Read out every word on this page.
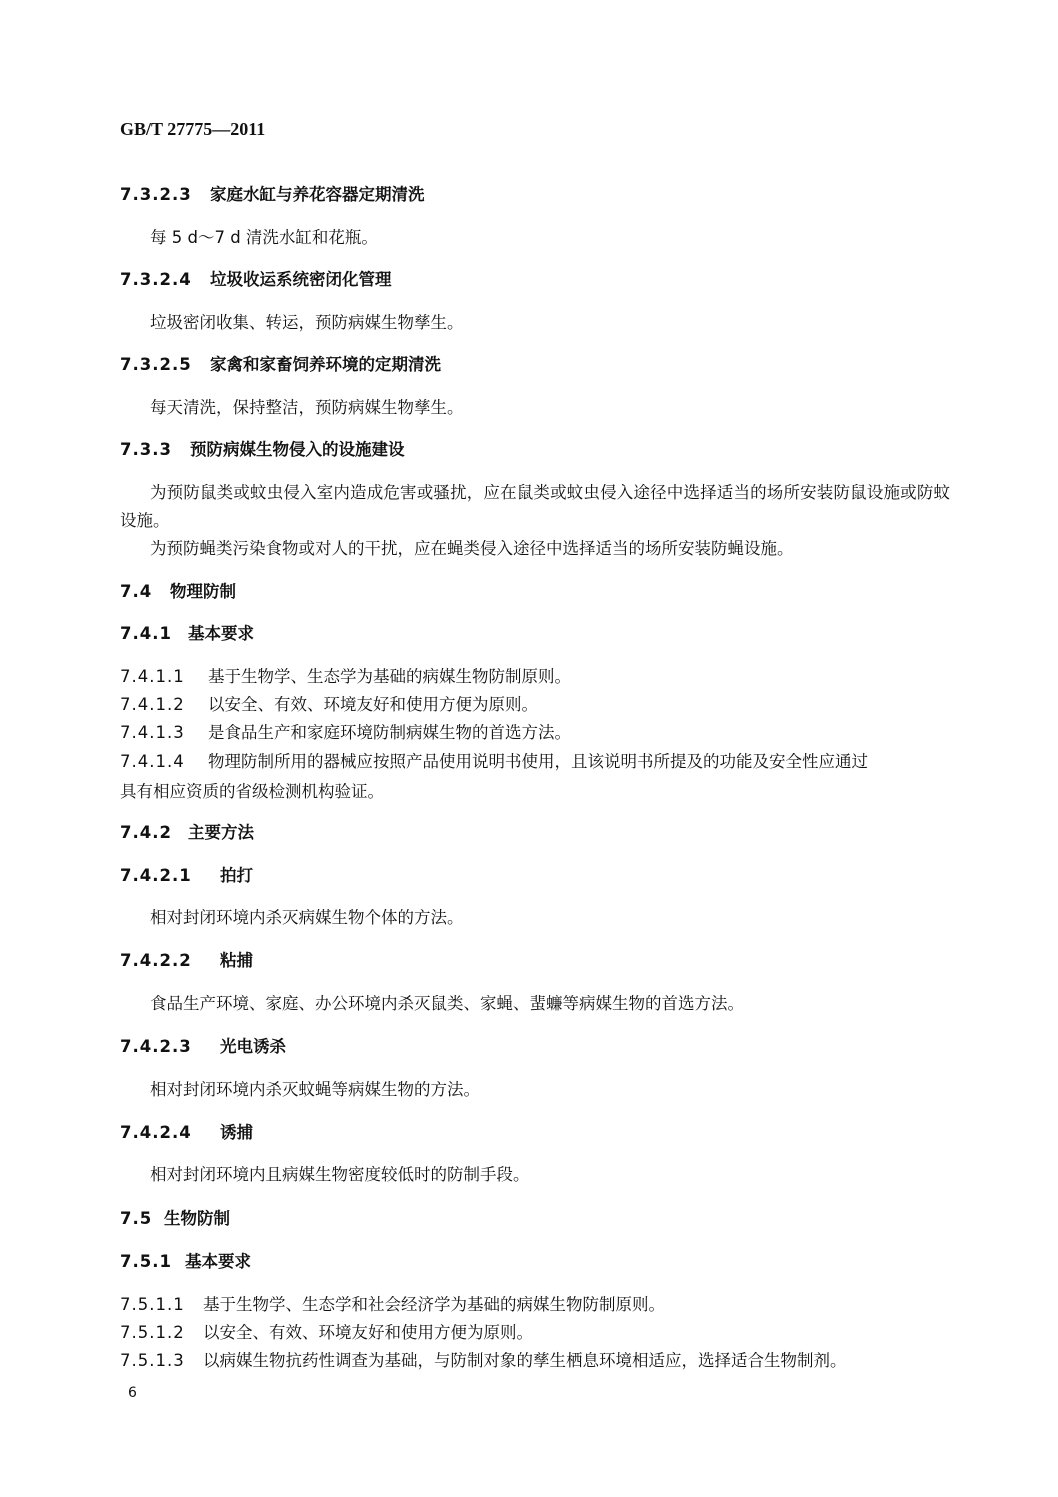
GB/T 27775—2011
7.3.2.3 家庭水缸与养花容器定期清洗
每 5 d～7 d 清洗水缸和花瓶。
7.3.2.4 垃圾收运系统密闭化管理
垃圾密闭收集、转运，预防病媒生物孳生。
7.3.2.5 家禽和家畜饲养环境的定期清洗
每天清洗，保持整洁，预防病媒生物孳生。
7.3.3 预防病媒生物侵入的设施建设
为预防鼠类或蚊虫侵入室内造成危害或骚扰，应在鼠类或蚊虫侵入途径中选择适当的场所安装防鼠设施或防蚊设施。
为预防蝇类污染食物或对人的干扰，应在蝇类侵入途径中选择适当的场所安装防蝇设施。
7.4 物理防制
7.4.1 基本要求
7.4.1.1 基于生物学、生态学为基础的病媒生物防制原则。
7.4.1.2 以安全、有效、环境友好和使用方便为原则。
7.4.1.3 是食品生产和家庭环境防制病媒生物的首选方法。
7.4.1.4 物理防制所用的器械应按照产品使用说明书使用，且该说明书所提及的功能及安全性应通过
具有相应资质的省级检测机构验证。
7.4.2 主要方法
7.4.2.1 拍打
相对封闭环境内杀灭病媒生物个体的方法。
7.4.2.2 粘捕
食品生产环境、家庭、办公环境内杀灭鼠类、家蝇、蜚蠊等病媒生物的首选方法。
7.4.2.3 光电诱杀
相对封闭环境内杀灭蚊蝇等病媒生物的方法。
7.4.2.4 诱捕
相对封闭环境内且病媒生物密度较低时的防制手段。
7.5 生物防制
7.5.1 基本要求
7.5.1.1 基于生物学、生态学和社会经济学为基础的病媒生物防制原则。
7.5.1.2 以安全、有效、环境友好和使用方便为原则。
7.5.1.3 以病媒生物抗药性调查为基础，与防制对象的孳生栖息环境相适应，选择适合生物制剂。
6
